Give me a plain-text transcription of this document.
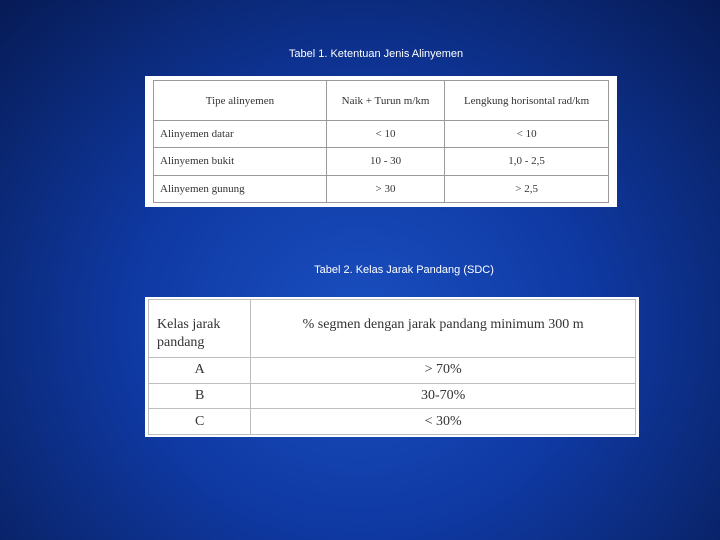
Tabel 1. Ketentuan Jenis Alinyemen
Tipe alinyemen	Naik + Turun m/km	Lengkung horisontal rad/km
Alinyemen datar	< 10	< 10
Alinyemen bukit	10 - 30	1,0 - 2,5
Alinyemen gunung	> 30	> 2,5
Tabel 2. Kelas Jarak Pandang (SDC)
Kelas jarak pandang	% segmen dengan jarak pandang minimum 300 m
A	> 70%
B	30-70%
C	< 30%
